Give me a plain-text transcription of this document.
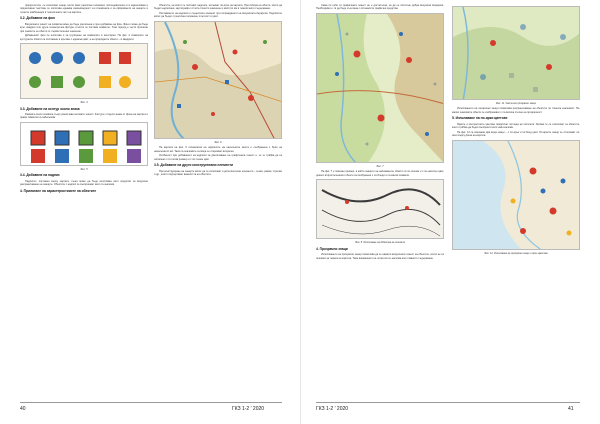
приоритетите, се използват знаци, които имат различна големина; последователно и в надзаглавни и подзаглавни текстове се използва еднаква закономерност за големината и за оформянето на знаците и техните комбинации в тематичната част на картата.

3.2. Добавяне на фон

Визуалната тежест на символа може да бъде увеличена и чрез добавяне на фон. Фонът може да бъде кръг, квадрат или друга геометрична фигура, в която се поставя символът. Този подход е често прилаган при значките за обекти от първостепенно значение.

Добавеният фон се използва и за групиране на символите в категории. На фиг. 4 символите на културните обекти са поставени в кръгове с еднакъв цвят, а на природните обекти – в квадрати.

Фиг. 4
3.3. Добавяне на контур около знака

Рамката около символа също увеличава неговата тежест. Контурът отделя знака от фона на картата и прави символа по-забележим.

Фиг. 5
3.4. Добавяне на надпис

Надписът, поставен върху картата, също може да бъде използван като средство за визуално разграничаване на знаците. Обектите с надпис се възприемат като по-значими.

4. Прилагане на характеристиките на обектите

Обектите, на които се поставят надписи, изпъкват по-ясно на картата. При избора на обекти, които да бъдат надписани, картографът отчита тяхното значение и мястото им в тематичното съдържание.

Поставянето на надписи е съществен елемент при изграждането на визуалната йерархия. Надписите могат да бъдат с различна големина, плътност и цвят.

Фиг. 6

На картата на фиг. 6 големината на надписите на населените места е съобразена с броя на населението им. Така по-значимите селища се открояват визуално.

Особеност при добавянето на надписи за увеличаване на графичната тежест е, че те трябва да са изписани с по-голям размер и с по-тъмен цвят.

3.5. Добавяне на други конструктивни елементи

При конструиране на знаците могат да се използват и допълнителни елементи – сенки, рамки, стрелки и др., които подчертават важността на обектите.

40	ГКЗ 1-2 ' 2020

Сама по себе си графичната тежест не е достатъчна, за да се постигне добра визуална йерархия. Необходимо е тя да бъде съчетана с останалите графични средства.

Фиг. 7

На фиг. 7 е показан пример, в който знаците на най-важните обекти са по-големи и с по-наситен цвят, докато второстепенните обекти са изобразени с по-бледи и по-малки символи.

Фиг. 8. Използване на дебелина на линията
4. Прозрачни знаци

Използването на прозрачни знаци позволява да се намали визуалната тежест на обектите, които не са основни за темата на картата. Така вниманието на читателя се насочва към главното съдържание.

Фиг. 11. Частично прозрачни знаци

Използването на прозрачни знаци позволява разграничаване на обектите по тяхната значимост. По-малко значимите обекти се изобразяват с по-висока степен на прозрачност.

5. Използване на по-ярки цветове

Ярките и контрастните цветове привличат погледа на читателя. Затова те се използват за обектите, които трябва да бъдат възприети като най-значими.

На фиг. 12 са показани два вида знаци – с по-ярък и по-блед цвят. По-ярките знаци се отличават по-ясно върху фона на картата.

Фиг. 12. Използване на прозрачни знаци и ярки цветове
ГКЗ 1-2 ' 2020	41
